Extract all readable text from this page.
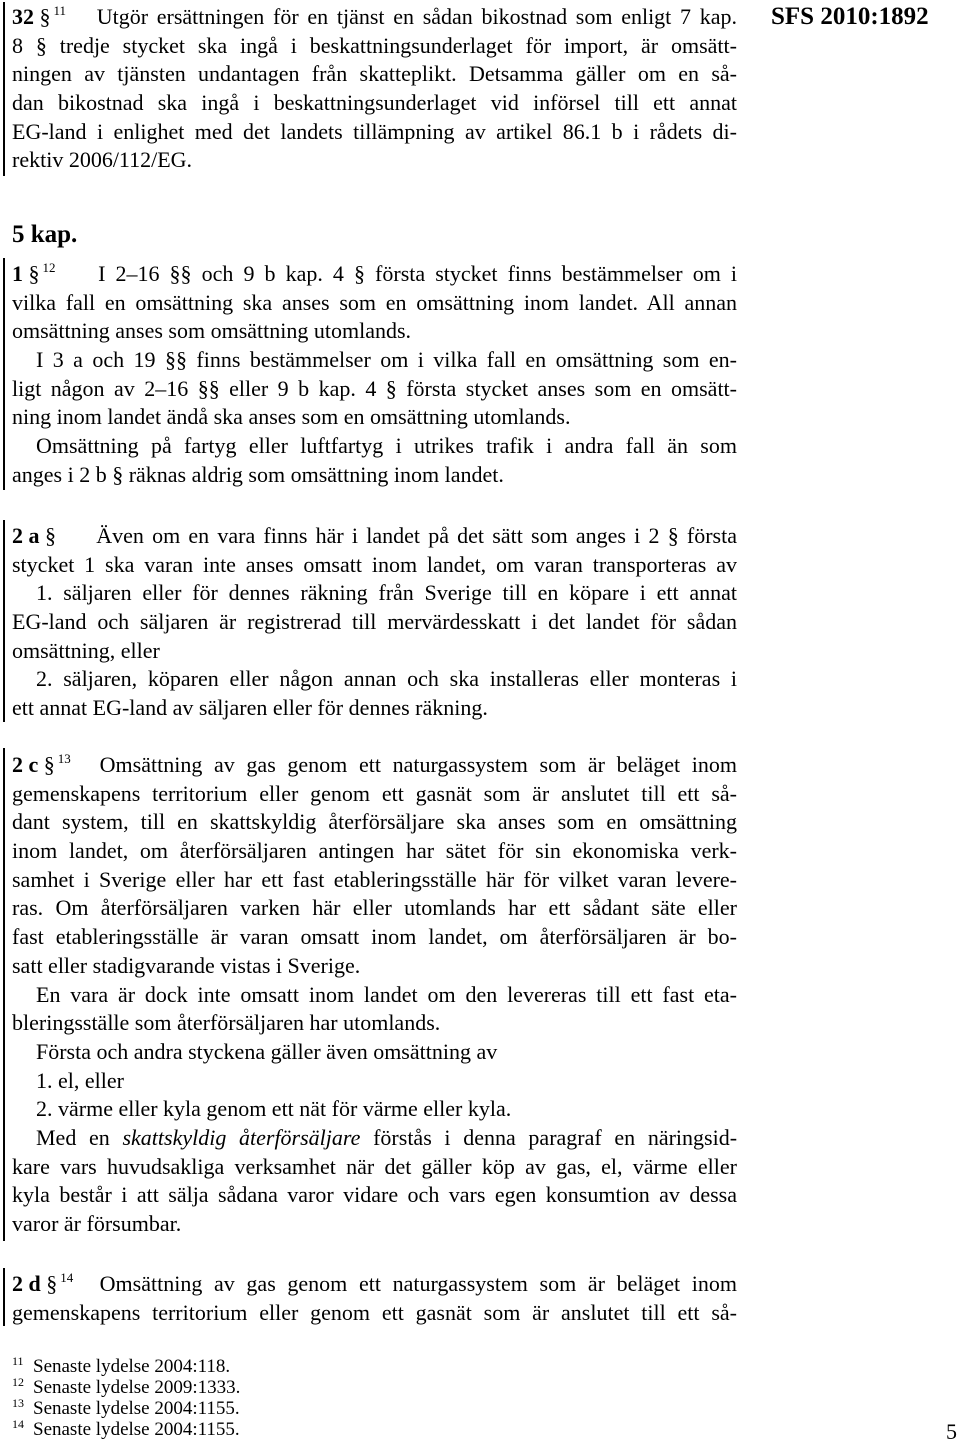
SFS 2010:1892
32 § $^{11}$ Utgör ersättningen för en tjänst en sådan bikostnad som enligt 7 kap.
8 § tredje stycket ska ingå i beskattningsunderlaget för import, är omsätt-
ningen av tjänsten undantagen från skatteplikt. Detsamma gäller om en så-
dan bikostnad ska ingå i beskattningsunderlaget vid införsel till ett annat
EG-land i enlighet med det landets tillämpning av artikel 86.1 b i rådets di-
rektiv 2006/112/EG.
5 kap.
1 § $^{12}$ I 2–16 §§ och 9 b kap. 4 § första stycket finns bestämmelser om i
vilka fall en omsättning ska anses som en omsättning inom landet. All annan
omsättning anses som omsättning utomlands.
I 3 a och 19 §§ finns bestämmelser om i vilka fall en omsättning som en-
ligt någon av 2–16 §§ eller 9 b kap. 4 § första stycket anses som en omsätt-
ning inom landet ändå ska anses som en omsättning utomlands.
Omsättning på fartyg eller luftfartyg i utrikes trafik i andra fall än som
anges i 2 b § räknas aldrig som omsättning inom landet.
2 a § Även om en vara finns här i landet på det sätt som anges i 2 § första
stycket 1 ska varan inte anses omsatt inom landet, om varan transporteras av
1. säljaren eller för dennes räkning från Sverige till en köpare i ett annat
EG-land och säljaren är registrerad till mervärdesskatt i det landet för sådan
omsättning, eller
2. säljaren, köparen eller någon annan och ska installeras eller monteras i
ett annat EG-land av säljaren eller för dennes räkning.
2 c § $^{13}$ Omsättning av gas genom ett naturgassystem som är beläget inom
gemenskapens territorium eller genom ett gasnät som är anslutet till ett så-
dant system, till en skattskyldig återförsäljare ska anses som en omsättning
inom landet, om återförsäljaren antingen har sätet för sin ekonomiska verk-
samhet i Sverige eller har ett fast etableringsställe här för vilket varan levere-
ras. Om återförsäljaren varken här eller utomlands har ett sådant säte eller
fast etableringsställe är varan omsatt inom landet, om återförsäljaren är bo-
satt eller stadigvarande vistas i Sverige.
En vara är dock inte omsatt inom landet om den levereras till ett fast eta-
bleringsställe som återförsäljaren har utomlands.
Första och andra styckena gäller även omsättning av
1. el, eller
2. värme eller kyla genom ett nät för värme eller kyla.
Med en skattskyldig återförsäljare förstås i denna paragraf en näringsid-
kare vars huvudsakliga verksamhet när det gäller köp av gas, el, värme eller
kyla består i att sälja sådana varor vidare och vars egen konsumtion av dessa
varor är försumbar.
2 d § $^{14}$ Omsättning av gas genom ett naturgassystem som är beläget inom
gemenskapens territorium eller genom ett gasnät som är anslutet till ett så-
11 Senaste lydelse 2004:118.
12 Senaste lydelse 2009:1333.
13 Senaste lydelse 2004:1155.
14 Senaste lydelse 2004:1155.	5
